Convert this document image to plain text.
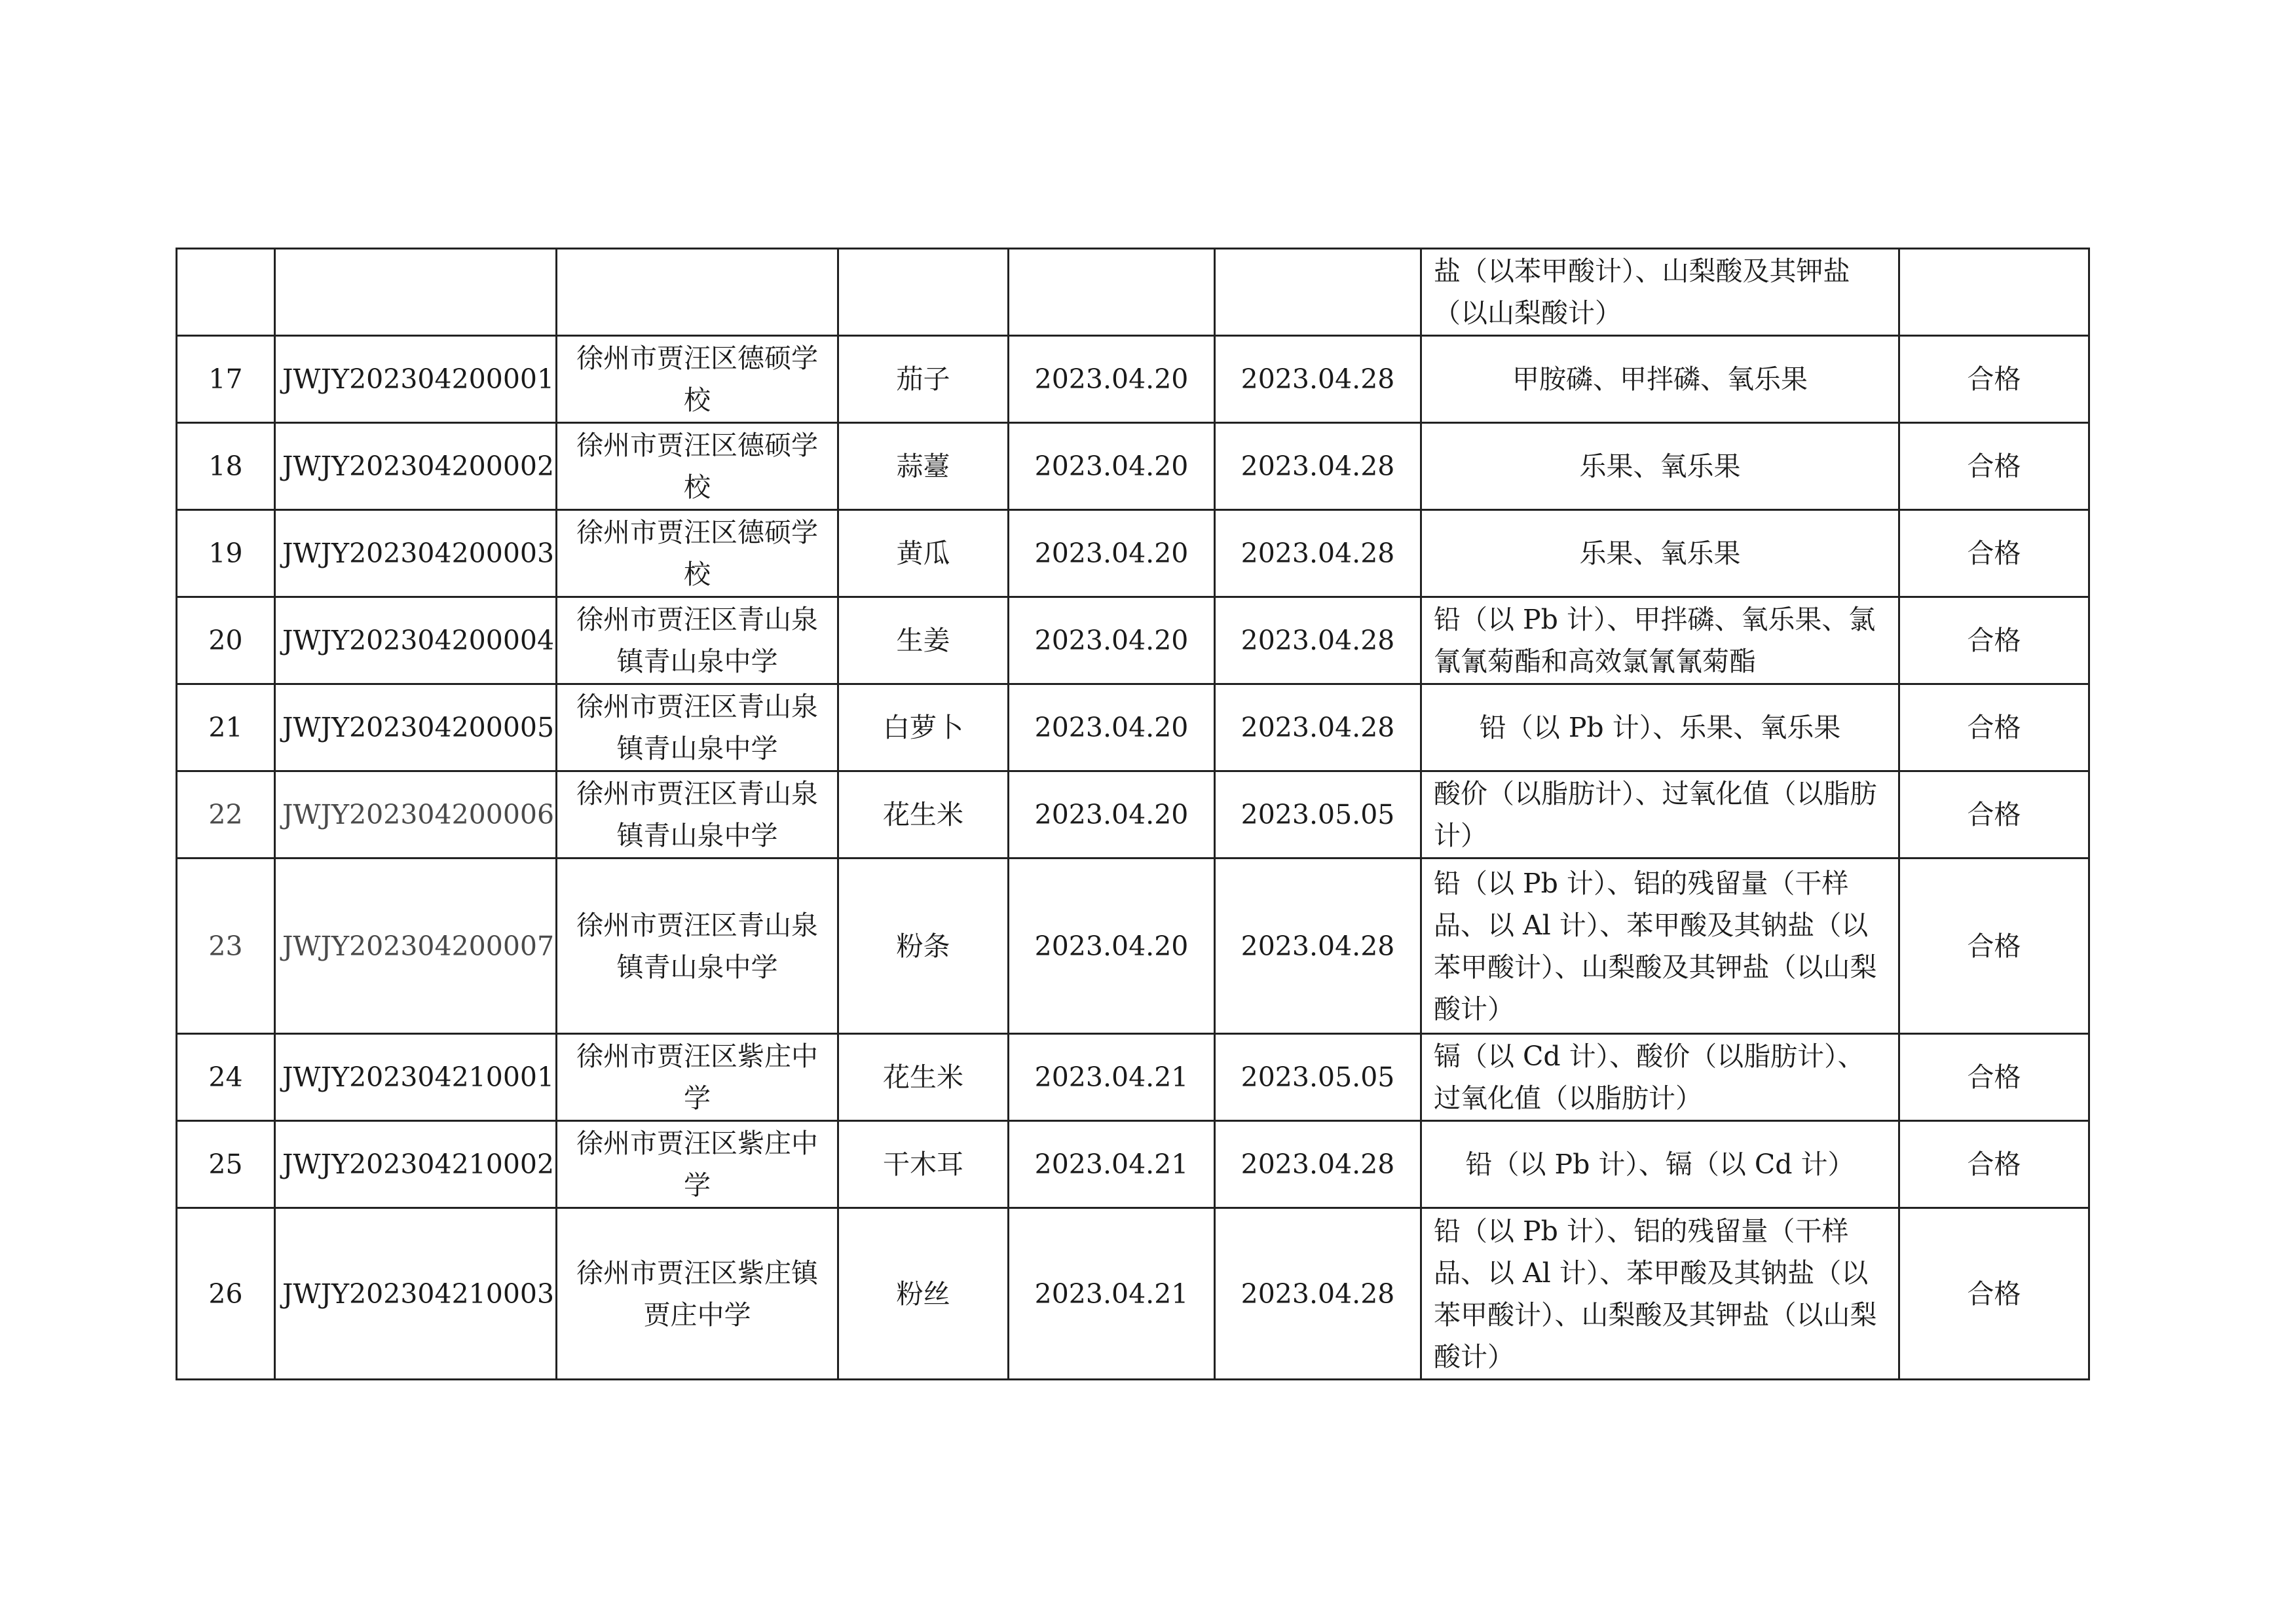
						盐（以苯甲酸计）、山梨酸及其钾盐（以山梨酸计）	
17	JWJY202304200001	徐州市贾汪区德硕学校	茄子	2023.04.20	2023.04.28	甲胺磷、甲拌磷、氧乐果	合格
18	JWJY202304200002	徐州市贾汪区德硕学校	蒜薹	2023.04.20	2023.04.28	乐果、氧乐果	合格
19	JWJY202304200003	徐州市贾汪区德硕学校	黄瓜	2023.04.20	2023.04.28	乐果、氧乐果	合格
20	JWJY202304200004	徐州市贾汪区青山泉镇青山泉中学	生姜	2023.04.20	2023.04.28	铅（以 Pb 计）、甲拌磷、氧乐果、氯氰氰菊酯和高效氯氰氰菊酯	合格
21	JWJY202304200005	徐州市贾汪区青山泉镇青山泉中学	白萝卜	2023.04.20	2023.04.28	铅（以 Pb 计）、乐果、氧乐果	合格
22	JWJY202304200006	徐州市贾汪区青山泉镇青山泉中学	花生米	2023.04.20	2023.05.05	酸价（以脂肪计）、过氧化值（以脂肪计）	合格
23	JWJY202304200007	徐州市贾汪区青山泉镇青山泉中学	粉条	2023.04.20	2023.04.28	铅（以 Pb 计）、铝的残留量（干样品、以 Al 计）、苯甲酸及其钠盐（以苯甲酸计）、山梨酸及其钾盐（以山梨酸计）	合格
24	JWJY202304210001	徐州市贾汪区紫庄中学	花生米	2023.04.21	2023.05.05	镉（以 Cd 计）、酸价（以脂肪计）、过氧化值（以脂肪计）	合格
25	JWJY202304210002	徐州市贾汪区紫庄中学	干木耳	2023.04.21	2023.04.28	铅（以 Pb 计）、镉（以 Cd 计）	合格
26	JWJY202304210003	徐州市贾汪区紫庄镇贾庄中学	粉丝	2023.04.21	2023.04.28	铅（以 Pb 计）、铝的残留量（干样品、以 Al 计）、苯甲酸及其钠盐（以苯甲酸计）、山梨酸及其钾盐（以山梨酸计）	合格
